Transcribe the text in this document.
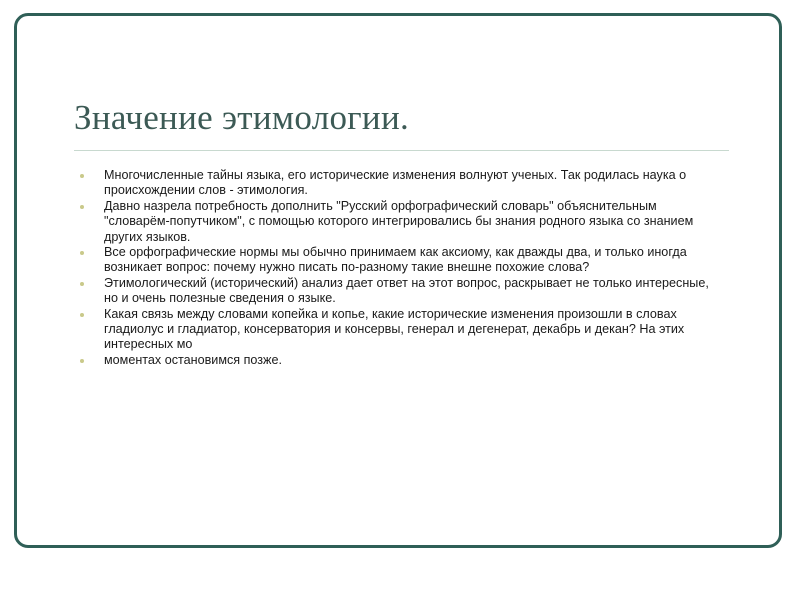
Значение этимологии.
Многочисленные тайны языка, его исторические изменения волнуют ученых. Так родилась наука о происхождении слов - этимология.
Давно назрела потребность дополнить "Русский орфографический словарь" объяснительным "словарём-попутчиком", с помощью которого интегрировались бы знания родного языка со знанием других языков.
Все орфографические нормы мы обычно принимаем как аксиому, как дважды два, и только иногда возникает вопрос: почему нужно писать по-разному такие внешне похожие слова?
Этимологический (исторический) анализ дает ответ на этот вопрос, раскрывает не только интересные, но и очень полезные сведения о языке.
Какая связь между словами копейка и копье, какие исторические изменения произошли в словах гладиолус и гладиатор, консерватория и консервы, генерал и дегенерат, декабрь и декан? На этих интересных мо
моментах остановимся позже.
